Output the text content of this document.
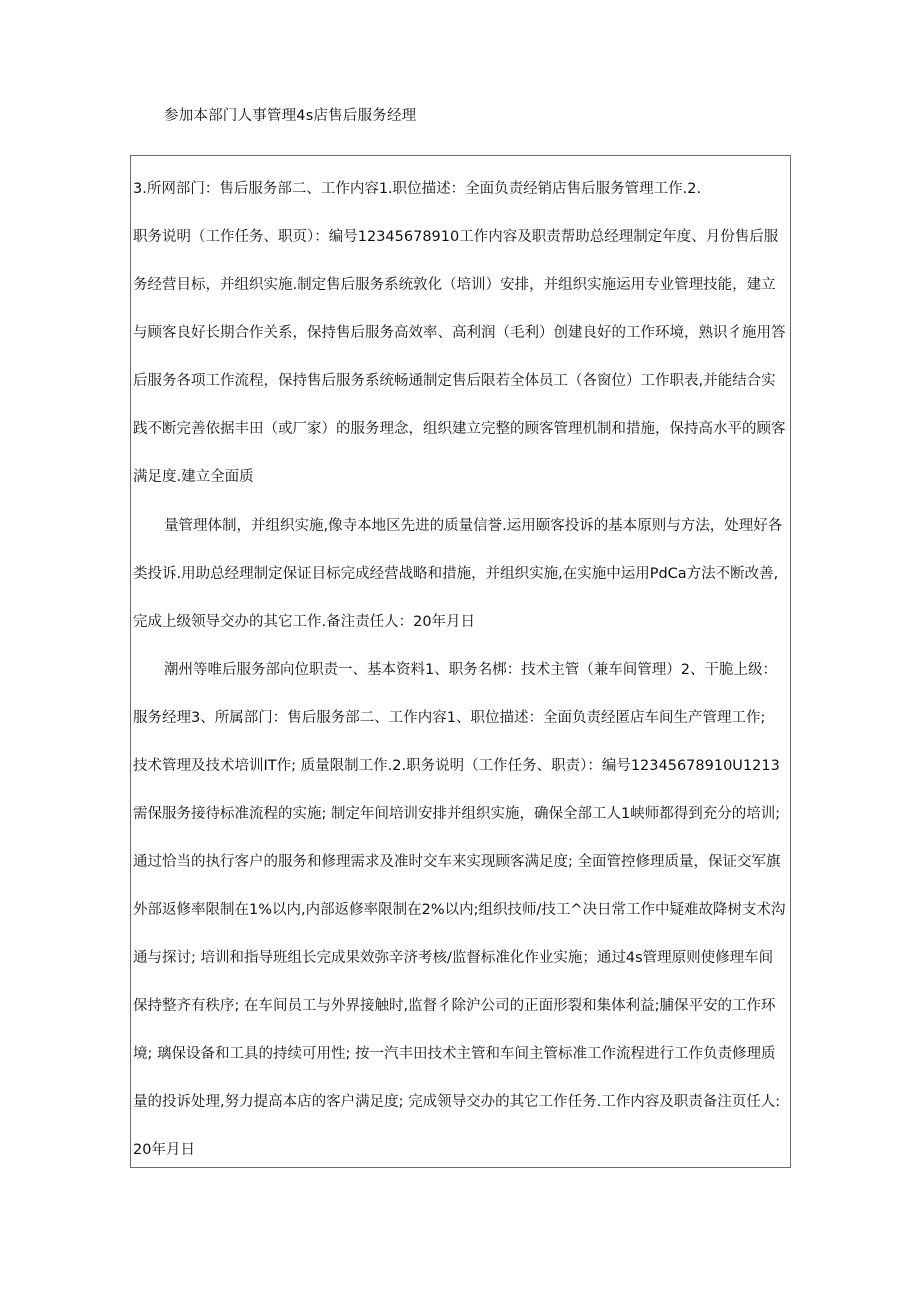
参加本部门人事管理4s店售后服务经理
3.所网部门：售后服务部二、工作内容1.职位描述：全面负责经销店售后服务管理工作.2.
职务说明（工作任务、职页）：编号12345678910工作内容及职责帮助总经理制定年度、月份售后服
务经营目标，并组织实施.制定售后服务系统敦化（培训）安排，并组织实施运用专业管理技能，建立
与顾客良好长期合作关系，保持售后服务高效率、高利润（毛利）创建良好的工作环境，熟识彳施用答
后服务各项工作流程，保持售后服务系统畅通制定售后限若全体员工（各窗位）工作职表,并能结合实
践不断完善依据丰田（或厂家）的服务理念，组织建立完整的顾客管理机制和措施，保持高水平的顾客
满足度.建立全面质
量管理体制，并组织实施,像寺本地区先进的质量信誉.运用颐客投诉的基本原则与方法，处理好各
类投诉.用助总经理制定保证目标完成经营战略和措施，并组织实施,在实施中运用PdCa方法不断改善,
完成上级领导交办的其它工作.备注责任人：20年月日
潮州等唯后服务部向位职责一、基本资料1、职务名梆：技术主管（兼车间管理）2、干脆上级：
服务经理3、所属部门：售后服务部二、工作内容1、职位描述：全面负责经匿店车间生产管理工作;
技术管理及技术培训IT作; 质量限制工作.2.职务说明（工作任务、职责）：编号12345678910U1213
需保服务接待标准流程的实施; 制定年间培训安排并组织实施，确保全部工人1峡师都得到充分的培训;
通过恰当的执行客户的服务和修理需求及准时交车来实现顾客满足度; 全面管控修理质量，保证交军旗
外部返修率限制在1%以内,内部返修率限制在2%以内;组织技师/技工^决日常工作中疑难故降树支术沟
通与探讨; 培训和指导班组长完成果效弥辛济考核/监督标准化作业实施；通过4s管理原则使修理车间
保持整齐有秩序; 在车间员工与外界接触时,监督彳除沪公司的正面形裂和集体利益;脯保平安的工作环
境; 璃保设备和工具的持续可用性; 按一汽丰田技术主管和车间主管标准工作流程进行工作负责修理质
量的投诉处理,努力提高本店的客户满足度; 完成领导交办的其它工作任务.工作内容及职责备注页任人:
20年月日
